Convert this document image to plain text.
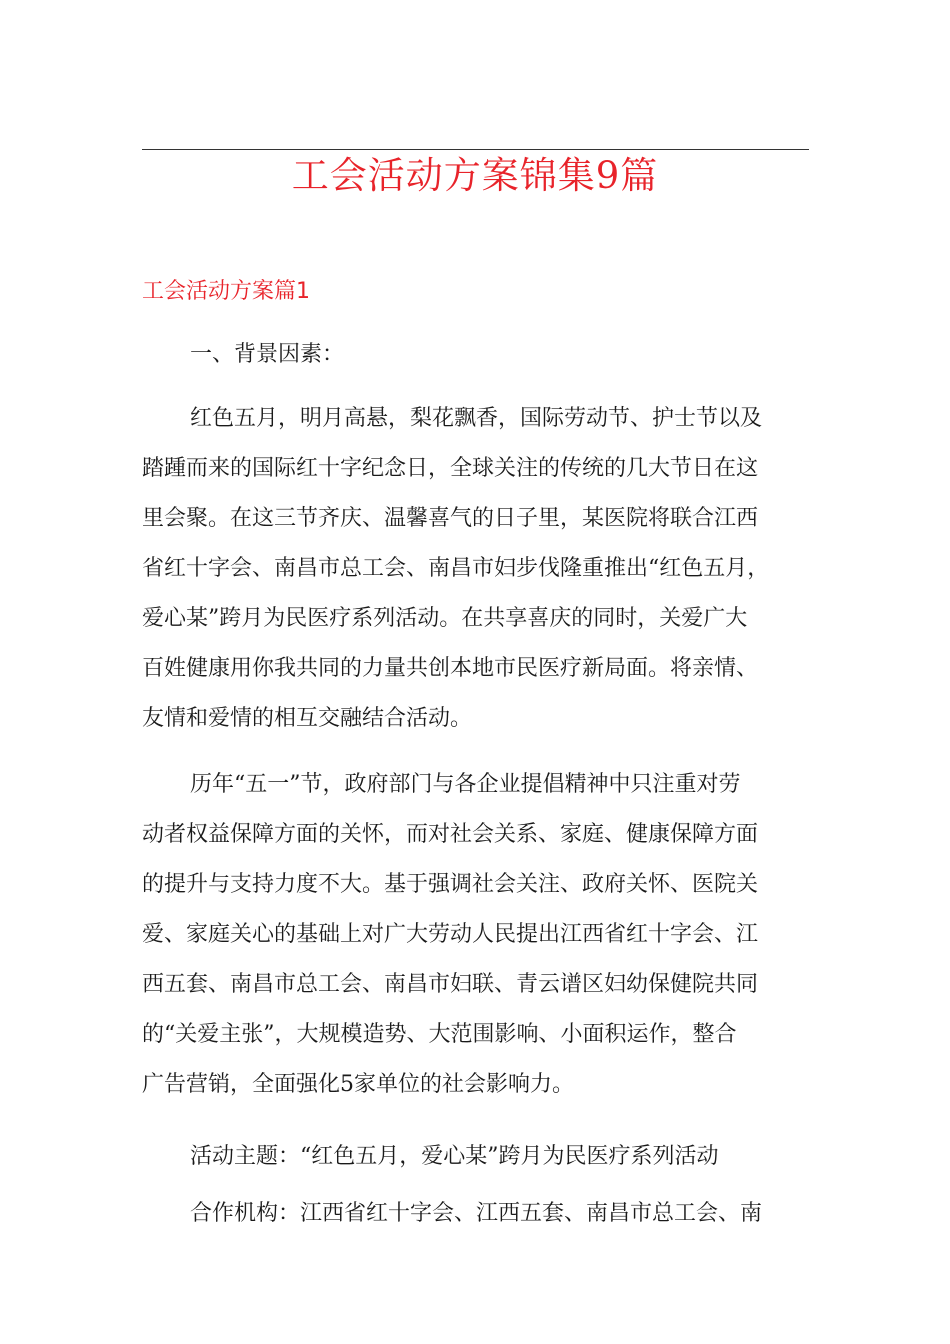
工会活动方案锦集9篇
工会活动方案篇1
一、背景因素：
红色五月，明月高悬，梨花飘香，国际劳动节、护士节以及
踏踵而来的国际红十字纪念日，全球关注的传统的几大节日在这
里会聚。在这三节齐庆、温馨喜气的日子里，某医院将联合江西
省红十字会、南昌市总工会、南昌市妇步伐隆重推出“红色五月，
爱心某”跨月为民医疗系列活动。在共享喜庆的同时，关爱广大
百姓健康用你我共同的力量共创本地市民医疗新局面。将亲情、
友情和爱情的相互交融结合活动。
历年“五一”节，政府部门与各企业提倡精神中只注重对劳
动者权益保障方面的关怀，而对社会关系、家庭、健康保障方面
的提升与支持力度不大。基于强调社会关注、政府关怀、医院关
爱、家庭关心的基础上对广大劳动人民提出江西省红十字会、江
西五套、南昌市总工会、南昌市妇联、青云谱区妇幼保健院共同
的“关爱主张”，大规模造势、大范围影响、小面积运作，整合
广告营销，全面强化5家单位的社会影响力。
活动主题：“红色五月，爱心某”跨月为民医疗系列活动
合作机构：江西省红十字会、江西五套、南昌市总工会、南
